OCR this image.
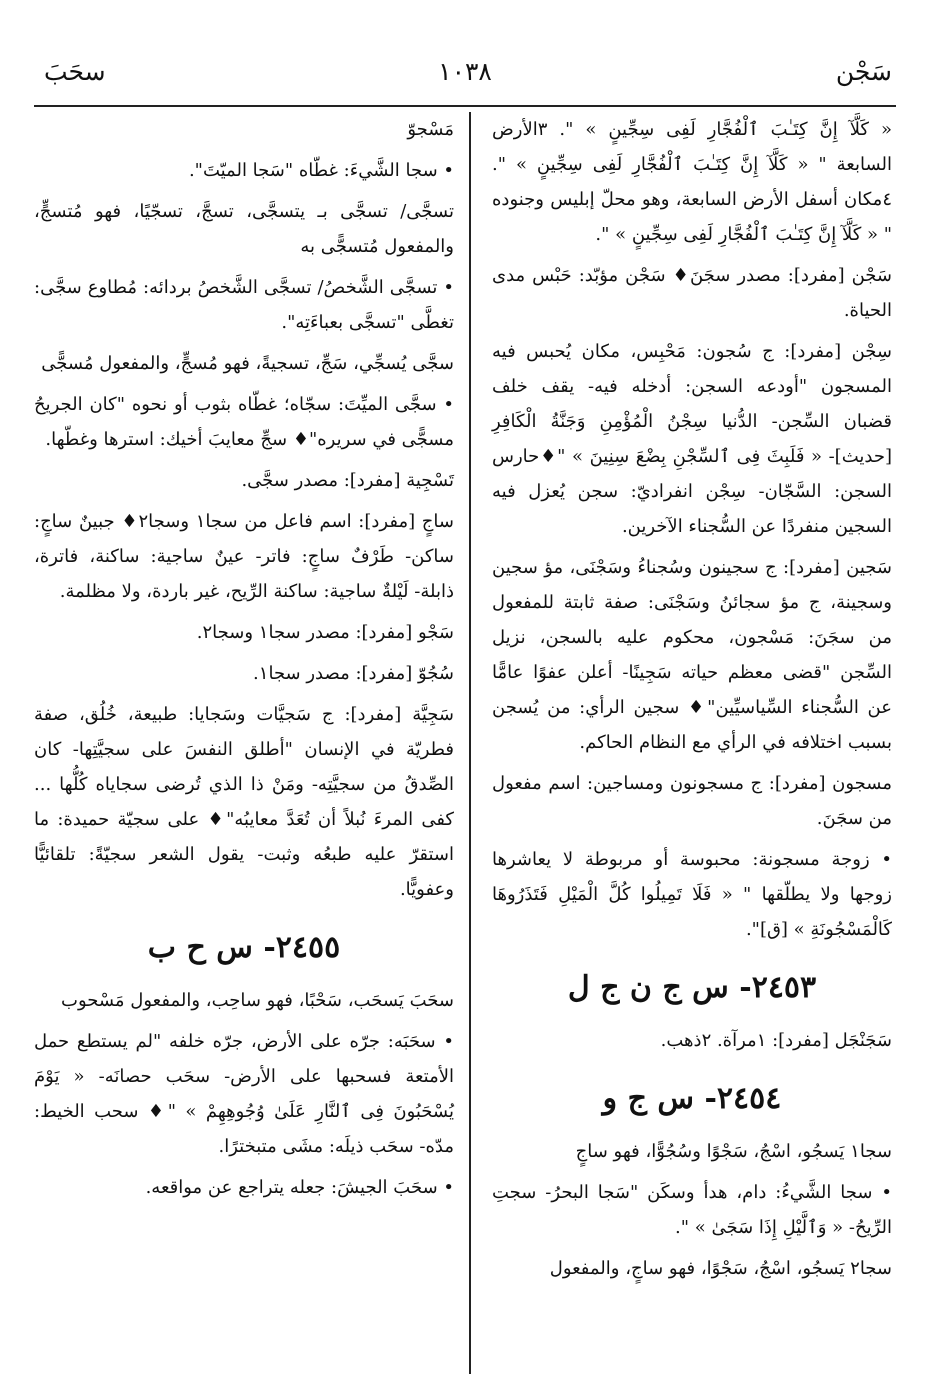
سَجْن
١٠٣٨
سحَبَ

« كَلَّآ إِنَّ كِتَـٰبَ ٱلْفُجَّارِ لَفِى سِجِّينٍ » ". ٣الأرض السابعة " « كَلَّآ إِنَّ كِتَـٰبَ ٱلْفُجَّارِ لَفِى سِجِّينٍ » ". ٤مكان أسفل الأرض السابعة، وهو محلّ إبليس وجنوده " « كَلَّآ إِنَّ كِتَـٰبَ ٱلْفُجَّارِ لَفِى سِجِّينٍ » ".

سَجْن [مفرد]: مصدر سجَنَ♦ سَجْن مؤبّد: حَبْس مدى الحياة.

سِجْن [مفرد]: ج سُجون: مَحْبِس، مكان يُحبس فيه المسجون "أودعه السجن: أدخله فيه- يقف خلف قضبان السِّجن- الدُّنيا سِجْنُ الْمُؤْمِنِ وَجَنَّةُ الْكَافِرِ [حديث]- « فَلَبِثَ فِى ٱلسِّجْنِ بِضْعَ سِنِينَ » "♦حارس السجن: السَّجّان- سِجْن انفراديّ: سجن يُعزل فيه السجين منفردًا عن السُّجناء الآخرين.

سَجين [مفرد]: ج سجينون وسُجناءُ وسَجْنَى، مؤ سجين وسجينة، ج مؤ سجائنُ وسَجْنَى: صفة ثابتة للمفعول من سجَنَ: مَسْجون، محكوم عليه بالسجن، نزيل السِّجن "قضى معظم حياته سَجِينًا- أعلن عفوًا عامًّا عن السُّجناء السِّياسيِّين"♦ سجين الرأي: من يُسجن بسبب اختلافه في الرأي مع النظام الحاكم.

مسجون [مفرد]: ج مسجونون ومساجين: اسم مفعول من سجَنَ.

• زوجة مسجونة: محبوسة أو مربوطة لا يعاشرها زوجها ولا يطلّقها " « فَلَا تَمِيلُوا كُلَّ الْمَيْلِ فَتَذَرُوهَا كَالْمَسْجُونَةِ » [ق]".

٢٤٥٣- س ج ن ج ل

سَجَنْجَل [مفرد]: ١مرآة. ٢ذهب.

٢٤٥٤- س ج و

سجا١ يَسجُو، اسْجُ، سَجْوًا وسُجُوًّا، فهو ساجٍ

• سجا الشَّيءُ: دام، هدأ وسكَن "سَجا البحرُ- سجتِ الرِّيحُ- « وَٱلَّيْلِ إِذَا سَجَىٰ » ".

سجا٢ يَسجُو، اسْجُ، سَجْوًا، فهو ساجٍ، والمفعول

مَسْجوّ

• سجا الشَّيءَ: غطّاه "سَجا الميّتَ".

تسجَّى/ تسجَّى بـ يتسجَّى، تسجَّ، تسجّيًا، فهو مُتسجٍّ، والمفعول مُتسجًّى به

• تسجَّى الشَّخصُ/ تسجَّى الشَّخصُ بردائه: مُطاوع سجَّى: تغطَّى "تسجَّى بعباءَتِه".

سجَّى يُسجِّي، سَجِّ، تسجيةً، فهو مُسجٍّ، والمفعول مُسجًّى

• سجَّى الميِّتَ: سجّاه؛ غطّاه بثوب أو نحوه "كان الجريحُ مسجًّى في سريره"♦ سجِّ معايبَ أخيك: استرها وغطّها.

تَسْجِية [مفرد]: مصدر سجَّى.

ساجٍ [مفرد]: اسم فاعل من سجا١ وسجا٢♦ جبينٌ ساجٍ: ساكن- طَرْفٌ ساجٍ: فاتر- عينٌ ساجية: ساكنة، فاترة، ذابلة- لَيْلةٌ ساجية: ساكنة الرِّيح، غير باردة، ولا مظلمة.

سَجْو [مفرد]: مصدر سجا١ وسجا٢.

سُجُوّ [مفرد]: مصدر سجا١.

سَجِيَّة [مفرد]: ج سَجيَّات وسَجايا: طبيعة، خُلُق، صفة فطريّة في الإنسان "أطلق النفسَ على سجيَّتِها- كان الصِّدقُ من سجيَّتِه- ومَنْ ذا الذي تُرضى سجاياه كُلُّها ... كفى المرءَ نُبلاً أن تُعَدَّ معايبُه"♦ على سجيّة حميدة: ما استقرّ عليه طبعُه وثبت- يقول الشعر سجيّةً: تلقائيًّا وعفويًّا.

٢٤٥٥- س ح ب

سحَبَ يَسحَب، سَحْبًا، فهو ساحِب، والمفعول مَسْحوب

• سحَبَه: جرّه على الأرض، جرّه خلفه "لم يستطع حمل الأمتعة فسحبها على الأرض- سحَب حصانَه- « يَوْمَ يُسْحَبُونَ فِى ٱلنَّارِ عَلَىٰ وُجُوهِهِمْ » "♦ سحب الخيط: مدّه- سحَب ذيلَه: مشَى متبخترًا.

• سحَبَ الجيشَ: جعله يتراجع عن مواقعه.
